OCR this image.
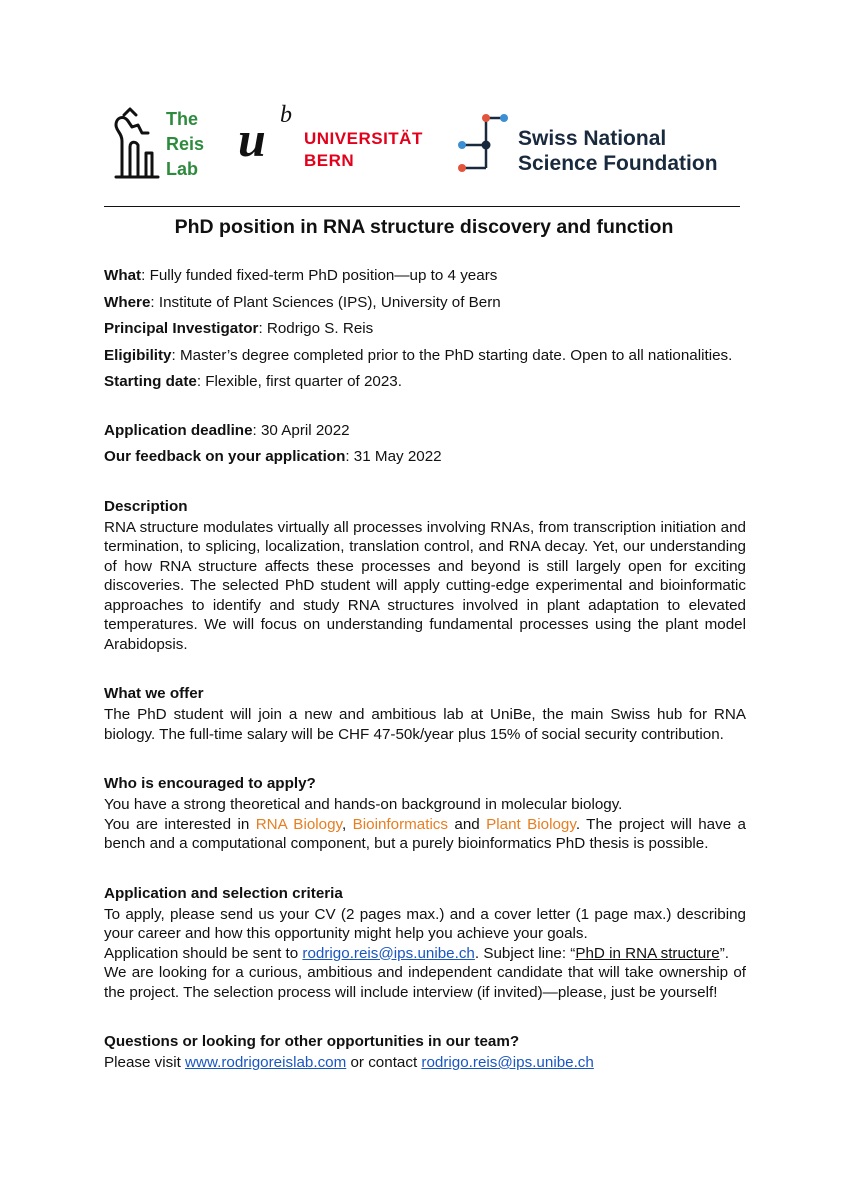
The
Reis
Lab
u b
UNIVERSITÄT
BERN
Swiss National
Science Foundation
PhD position in RNA structure discovery and function

What: Fully funded fixed-term PhD position—up to 4 years

Where: Institute of Plant Sciences (IPS), University of Bern

Principal Investigator: Rodrigo S. Reis

Eligibility: Master’s degree completed prior to the PhD starting date. Open to all nationalities.

Starting date: Flexible, first quarter of 2023.

Application deadline: 30 April 2022

Our feedback on your application: 31 May 2022

Description

RNA structure modulates virtually all processes involving RNAs, from transcription initiation and termination, to splicing, localization, translation control, and RNA decay. Yet, our understanding of how RNA structure affects these processes and beyond is still largely open for exciting discoveries. The selected PhD student will apply cutting-edge experimental and bioinformatic approaches to identify and study RNA structures involved in plant adaptation to elevated temperatures. We will focus on understanding fundamental processes using the plant model Arabidopsis.

What we offer

The PhD student will join a new and ambitious lab at UniBe, the main Swiss hub for RNA biology. The full-time salary will be CHF 47-50k/year plus 15% of social security contribution.

Who is encouraged to apply?

You have a strong theoretical and hands-on background in molecular biology.

You are interested in RNA Biology, Bioinformatics and Plant Biology. The project will have a bench and a computational component, but a purely bioinformatics PhD thesis is possible.

Application and selection criteria

To apply, please send us your CV (2 pages max.) and a cover letter (1 page max.) describing your career and how this opportunity might help you achieve your goals.

Application should be sent to rodrigo.reis@ips.unibe.ch. Subject line: “PhD in RNA structure”.

We are looking for a curious, ambitious and independent candidate that will take ownership of the project. The selection process will include interview (if invited)—please, just be yourself!

Questions or looking for other opportunities in our team?

Please visit www.rodrigoreislab.com or contact rodrigo.reis@ips.unibe.ch
